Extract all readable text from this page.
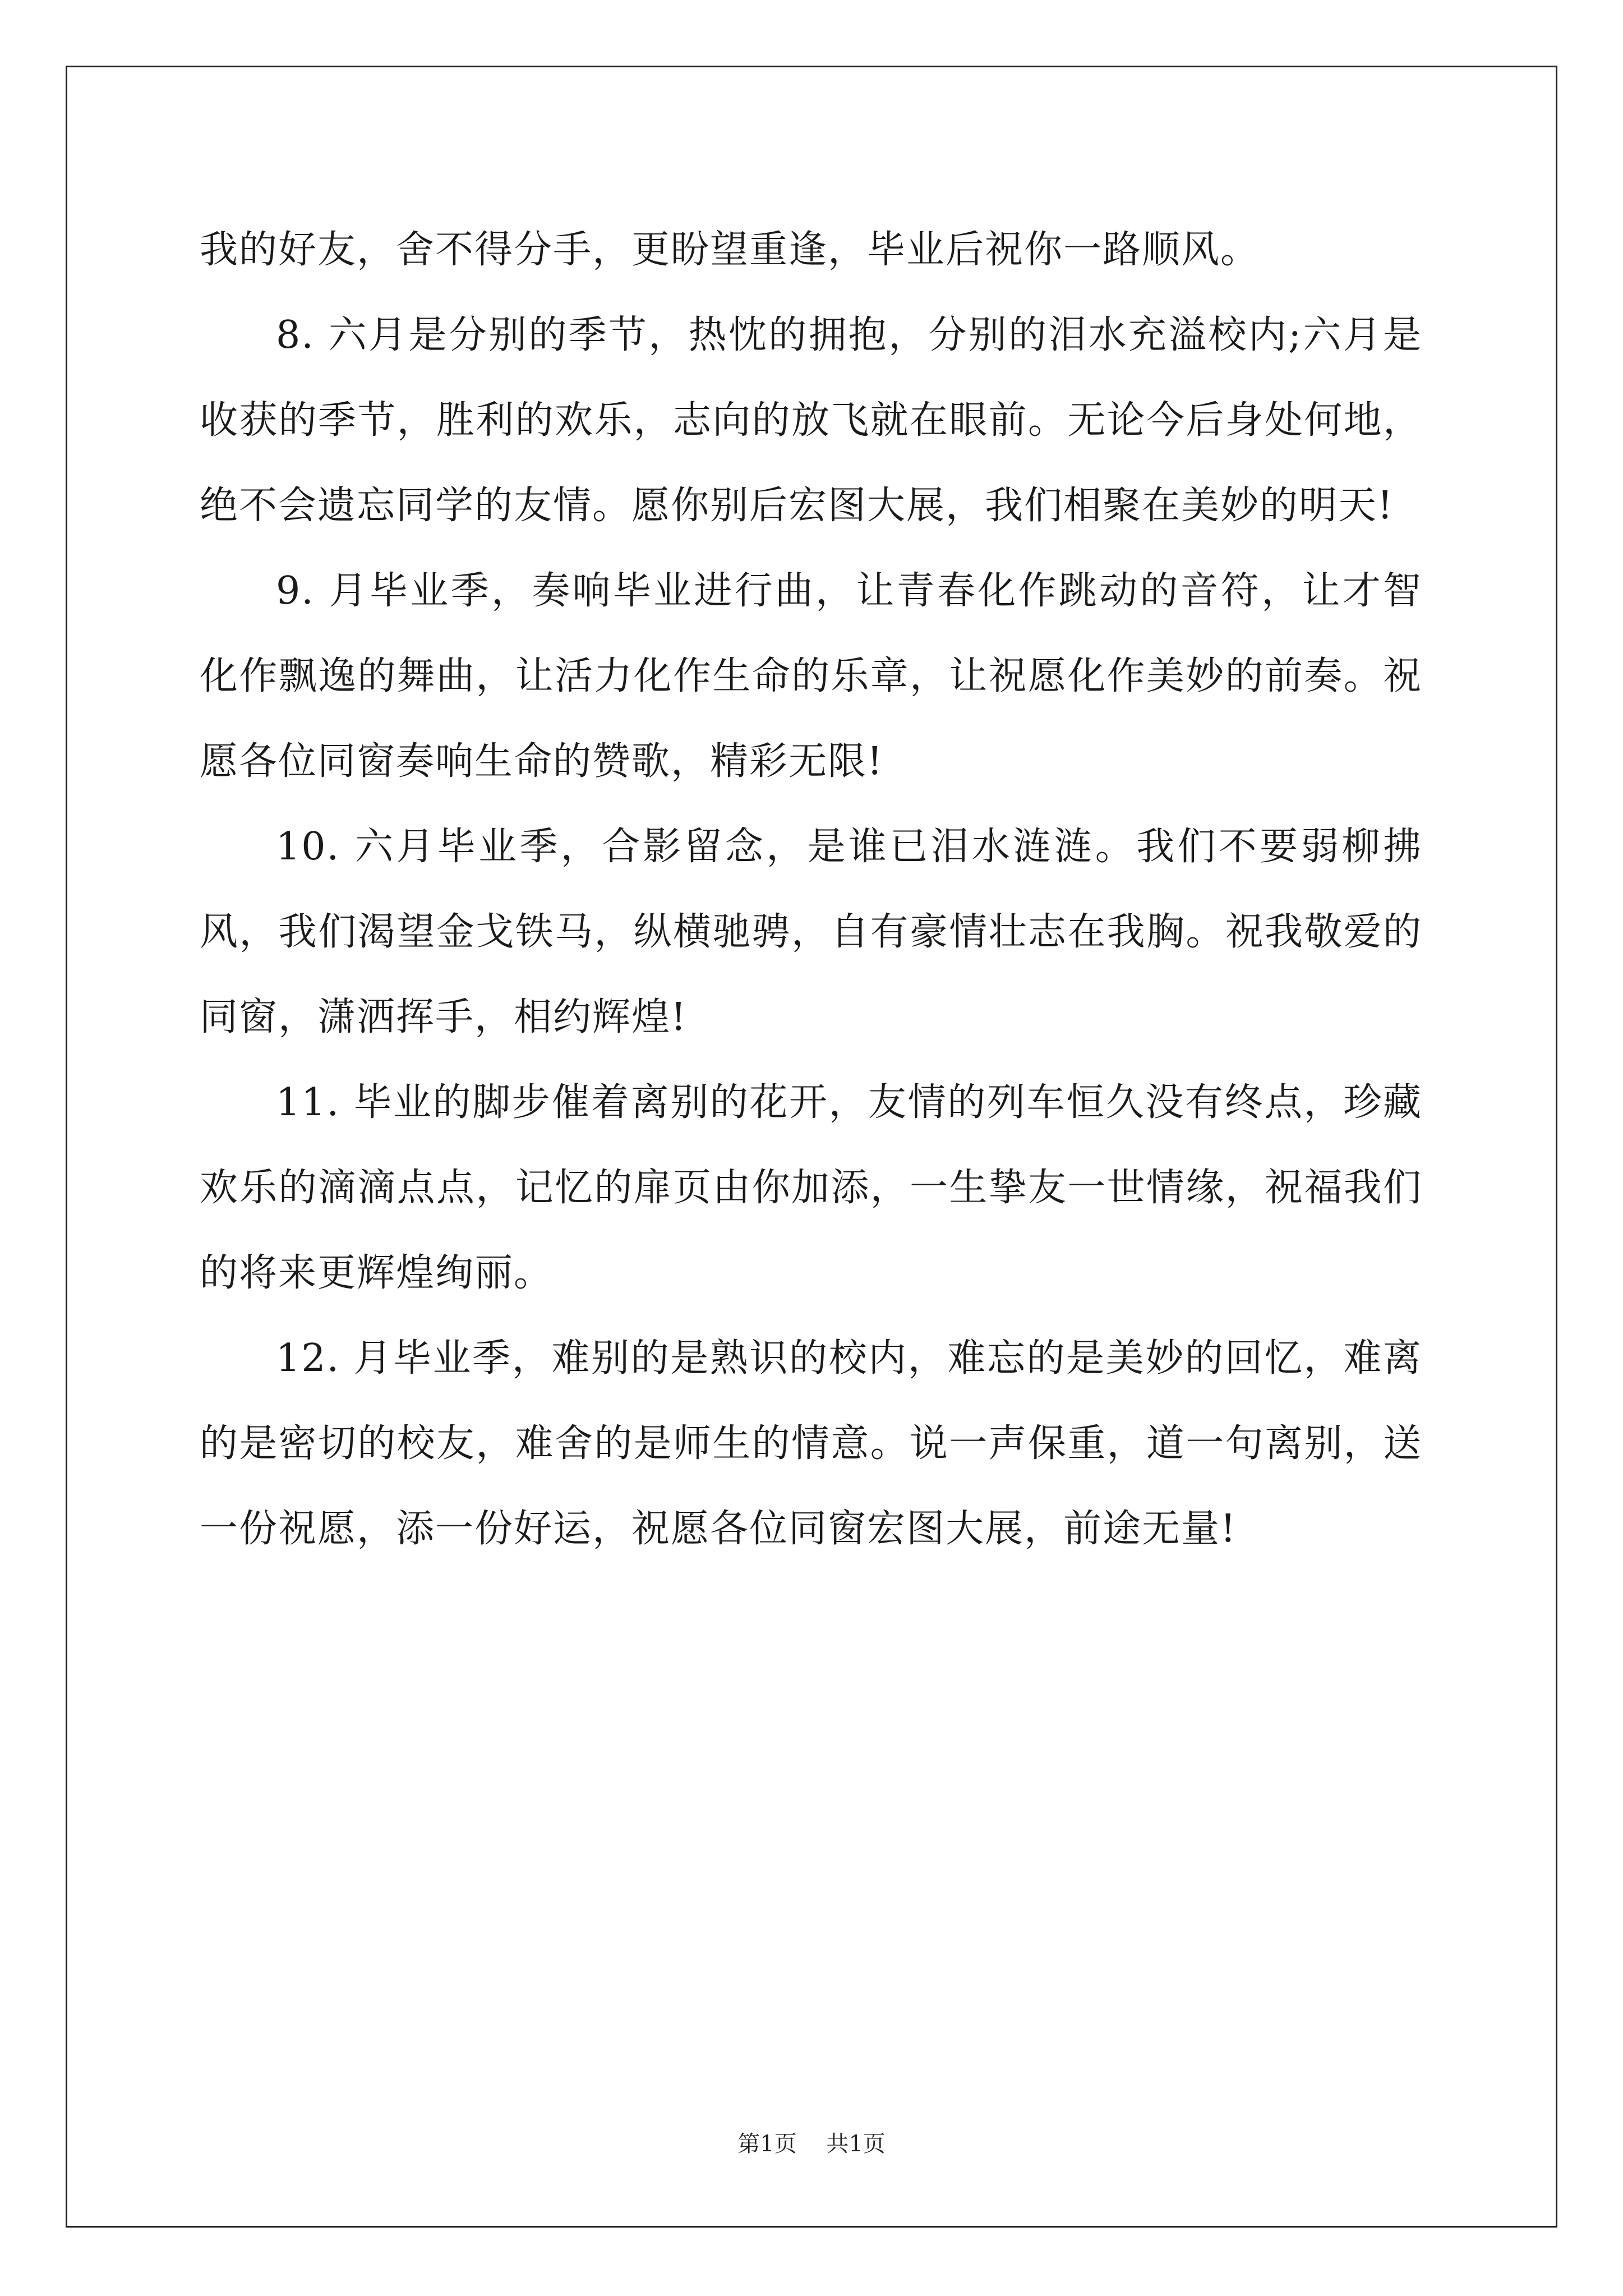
我的好友，舍不得分手，更盼望重逢，毕业后祝你一路顺风。

8. 六月是分别的季节，热忱的拥抱，分别的泪水充溢校内;六月是收获的季节，胜利的欢乐，志向的放飞就在眼前。无论今后身处何地，绝不会遗忘同学的友情。愿你别后宏图大展，我们相聚在美妙的明天!

9. 月毕业季，奏响毕业进行曲，让青春化作跳动的音符，让才智化作飘逸的舞曲，让活力化作生命的乐章，让祝愿化作美妙的前奏。祝愿各位同窗奏响生命的赞歌，精彩无限!

10. 六月毕业季，合影留念，是谁已泪水涟涟。我们不要弱柳拂风，我们渴望金戈铁马，纵横驰骋，自有豪情壮志在我胸。祝我敬爱的同窗，潇洒挥手，相约辉煌!

11. 毕业的脚步催着离别的花开，友情的列车恒久没有终点，珍藏欢乐的滴滴点点，记忆的扉页由你加添，一生挚友一世情缘，祝福我们的将来更辉煌绚丽。

12. 月毕业季，难别的是熟识的校内，难忘的是美妙的回忆，难离的是密切的校友，难舍的是师生的情意。说一声保重，道一句离别，送一份祝愿，添一份好运，祝愿各位同窗宏图大展，前途无量!

第1页 共1页
